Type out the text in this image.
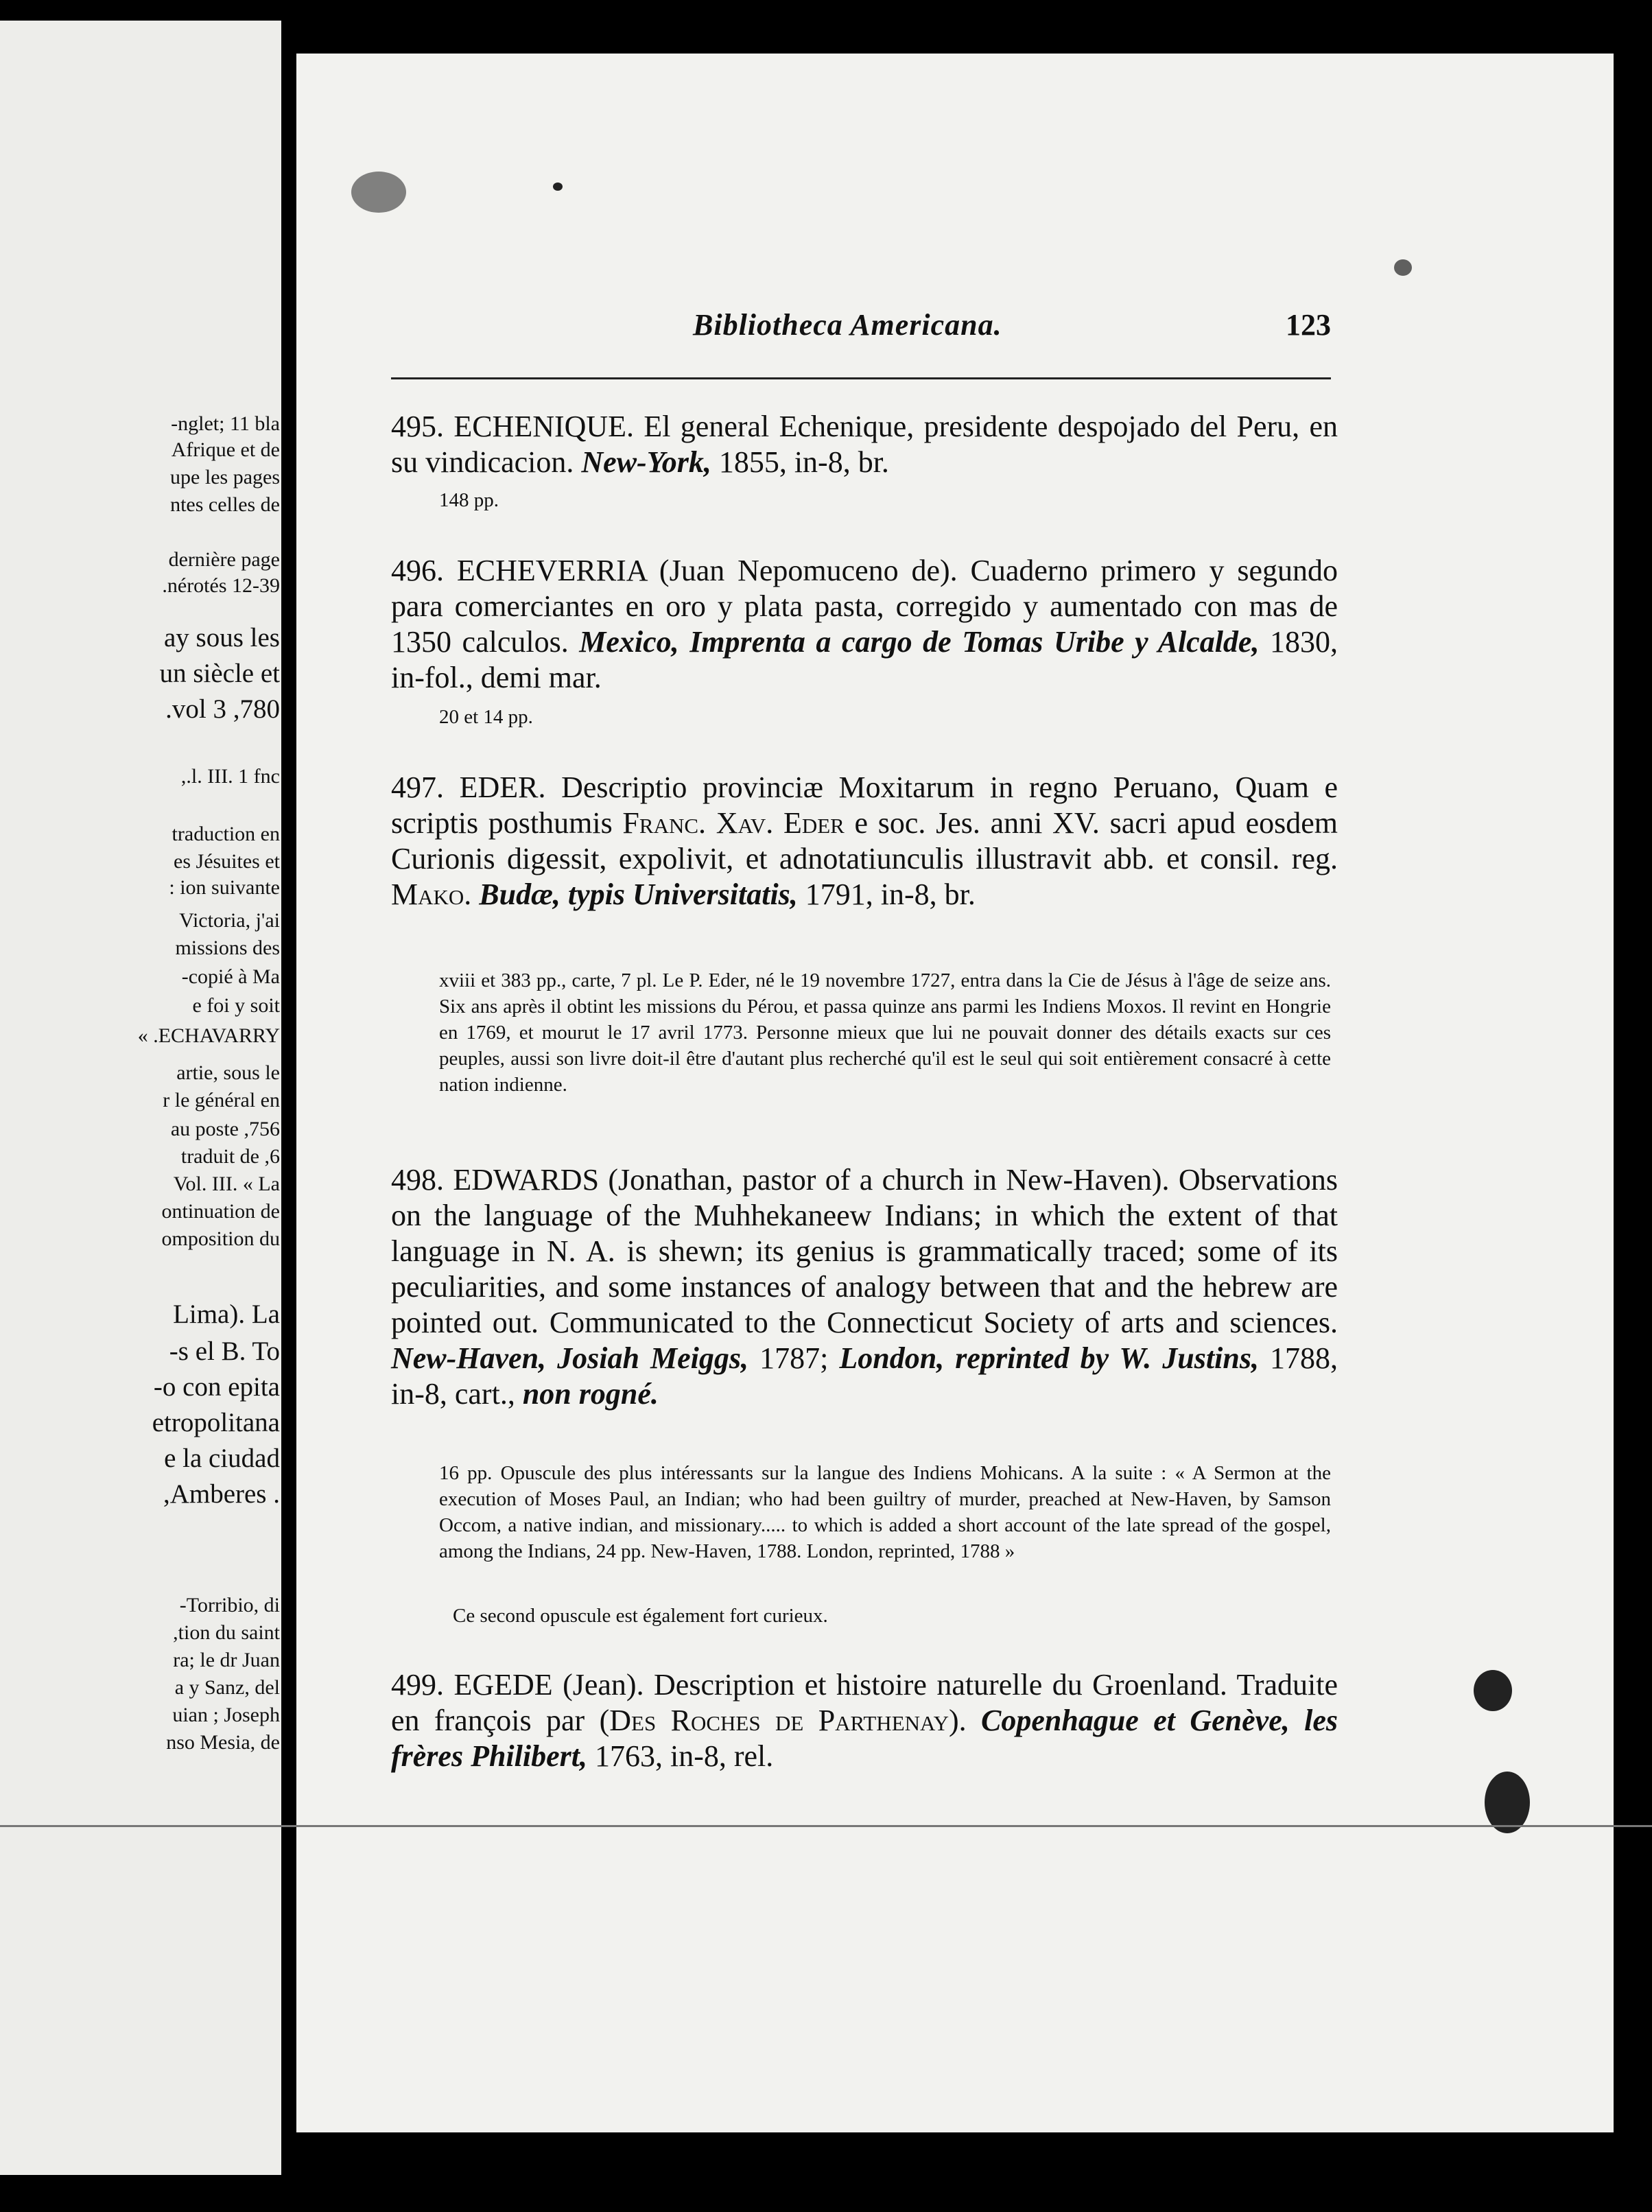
nglet; 11 bla-
Afrique et de
upe les pages
ntes celles de
dernière page
nérotés 12-39.
ay sous les
un siècle et
780, 3 vol.
l. III. 1 fnc.,
traduction en
es Jésuites et
ion suivante :
Victoria, j'ai
missions des
copié à Ma-
e foi y soit
ECHAVARRY. »
artie, sous le
r le général en
756, au poste
6, traduit de
Vol. III. « La
ontinuation de
omposition du
Lima). La
s el B. To-
o con epita-
etropolitana
e la ciudad
. Amberes,
Torribio, di-
tion du saint,
ra; le dr Juan
a y Sanz, del
uian ; Joseph
nso Mesia, de
Bibliotheca Americana.	123
495. ECHENIQUE. El general Echenique, presidente despojado del Peru, en su vindicacion. New-York, 1855, in-8, br.
148 pp.
496. ECHEVERRIA (Juan Nepomuceno de). Cuaderno primero y segundo para comerciantes en oro y plata pasta, corregido y aumentado con mas de 1350 calculos. Mexico, Imprenta a cargo de Tomas Uribe y Alcalde, 1830, in-fol., demi mar.
20 et 14 pp.
497. EDER. Descriptio provinciæ Moxitarum in regno Peruano, Quam e scriptis posthumis Franc. Xav. Eder e soc. Jes. anni XV. sacri apud eosdem Curionis digessit, expolivit, et adnotatiunculis illustravit abb. et consil. reg. Mako. Budæ, typis Universitatis, 1791, in-8, br.
xviii et 383 pp., carte, 7 pl. Le P. Eder, né le 19 novembre 1727, entra dans la Cie de Jésus à l'âge de seize ans. Six ans après il obtint les missions du Pérou, et passa quinze ans parmi les Indiens Moxos. Il revint en Hongrie en 1769, et mourut le 17 avril 1773. Personne mieux que lui ne pouvait donner des détails exacts sur ces peuples, aussi son livre doit-il être d'autant plus recherché qu'il est le seul qui soit entièrement consacré à cette nation indienne.
498. EDWARDS (Jonathan, pastor of a church in New-Haven). Observations on the language of the Muhhekaneew Indians; in which the extent of that language in N. A. is shewn; its genius is grammatically traced; some of its peculiarities, and some instances of analogy between that and the hebrew are pointed out. Communicated to the Connecticut Society of arts and sciences. New-Haven, Josiah Meiggs, 1787; London, reprinted by W. Justins, 1788, in-8, cart., non rogné.
16 pp. Opuscule des plus intéressants sur la langue des Indiens Mohicans. A la suite : « A Sermon at the execution of Moses Paul, an Indian; who had been guiltry of murder, preached at New-Haven, by Samson Occom, a native indian, and missionary..... to which is added a short account of the late spread of the gospel, among the Indians, 24 pp. New-Haven, 1788. London, reprinted, 1788 »
Ce second opuscule est également fort curieux.
499. EGEDE (Jean). Description et histoire naturelle du Groenland. Traduite en françois par (Des Roches de Parthenay). Copenhague et Genève, les frères Philibert, 1763, in-8, rel.
